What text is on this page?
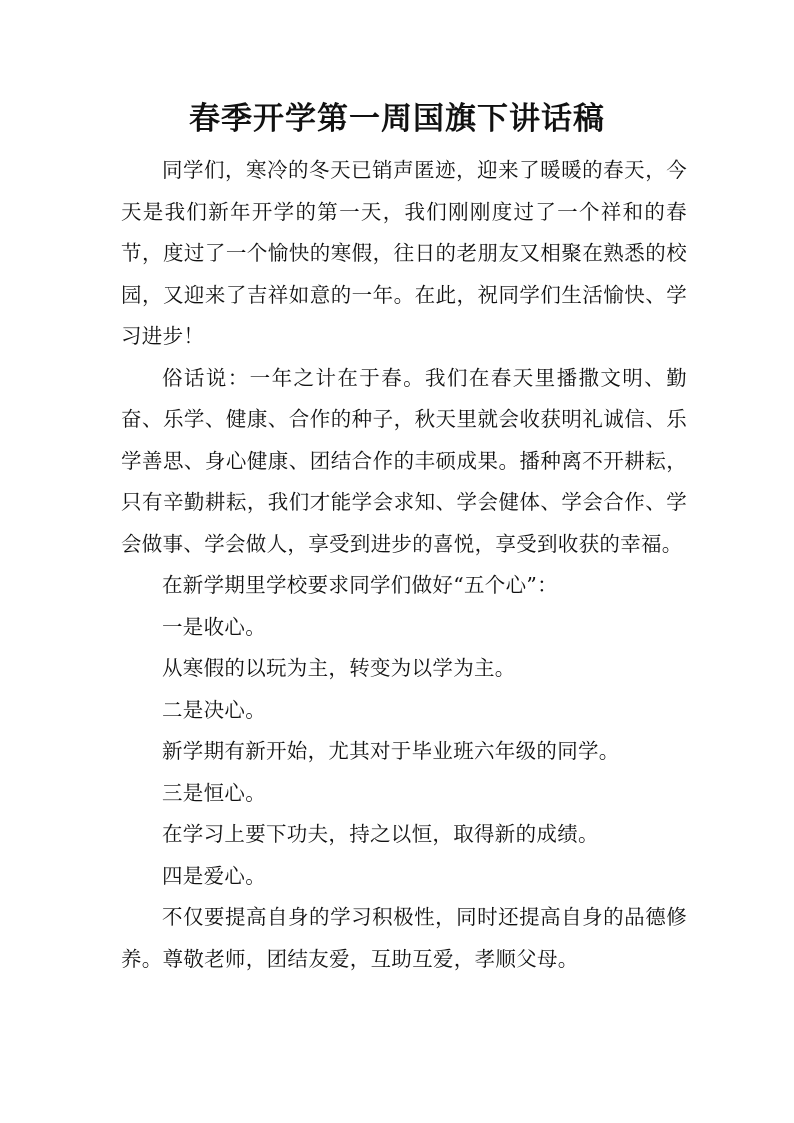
春季开学第一周国旗下讲话稿

同学们，寒冷的冬天已销声匿迹，迎来了暖暖的春天，今天是我们新年开学的第一天，我们刚刚度过了一个祥和的春节，度过了一个愉快的寒假，往日的老朋友又相聚在熟悉的校园，又迎来了吉祥如意的一年。在此，祝同学们生活愉快、学习进步！

俗话说：一年之计在于春。我们在春天里播撒文明、勤奋、乐学、健康、合作的种子，秋天里就会收获明礼诚信、乐学善思、身心健康、团结合作的丰硕成果。播种离不开耕耘，只有辛勤耕耘，我们才能学会求知、学会健体、学会合作、学会做事、学会做人，享受到进步的喜悦，享受到收获的幸福。

在新学期里学校要求同学们做好“五个心”：

一是收心。

从寒假的以玩为主，转变为以学为主。

二是决心。

新学期有新开始，尤其对于毕业班六年级的同学。

三是恒心。

在学习上要下功夫，持之以恒，取得新的成绩。

四是爱心。

不仅要提高自身的学习积极性，同时还提高自身的品德修养。尊敬老师，团结友爱，互助互爱，孝顺父母。
